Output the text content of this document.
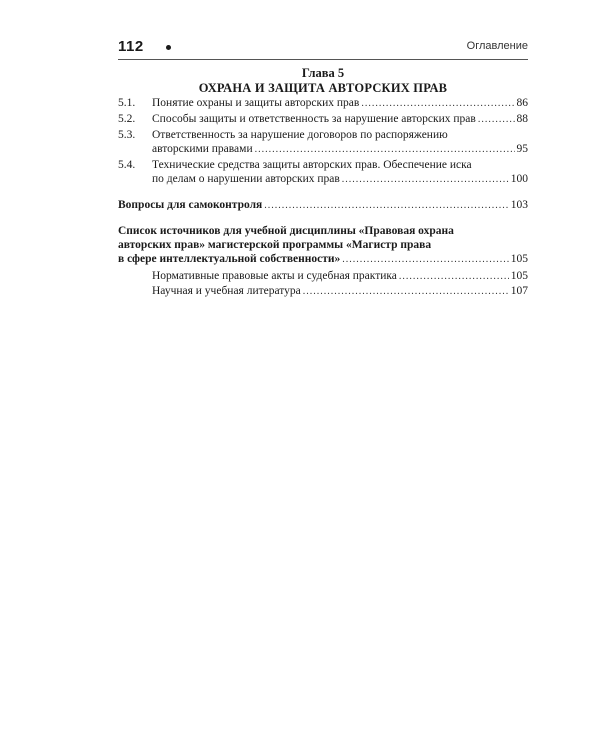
112	Оглавление
Глава 5
ОХРАНА И ЗАЩИТА АВТОРСКИХ ПРАВ
5.1.	Понятие охраны и защиты авторских прав .....	86
5.2.	Способы защиты и ответственность за нарушение авторских прав .....	88
5.3.	Ответственность за нарушение договоров по распоряжению
авторскими правами .....	95
5.4.	Технические средства защиты авторских прав. Обеспечение иска
по делам о нарушении авторских прав .....	100
Вопросы для самоконтроля .....	103
Список источников для учебной дисциплины «Правовая охрана
авторских прав» магистерской программы «Магистр права
в сфере интеллектуальной собственности» .....	105
Нормативные правовые акты и судебная практика .....	105
Научная и учебная литература .....	107
